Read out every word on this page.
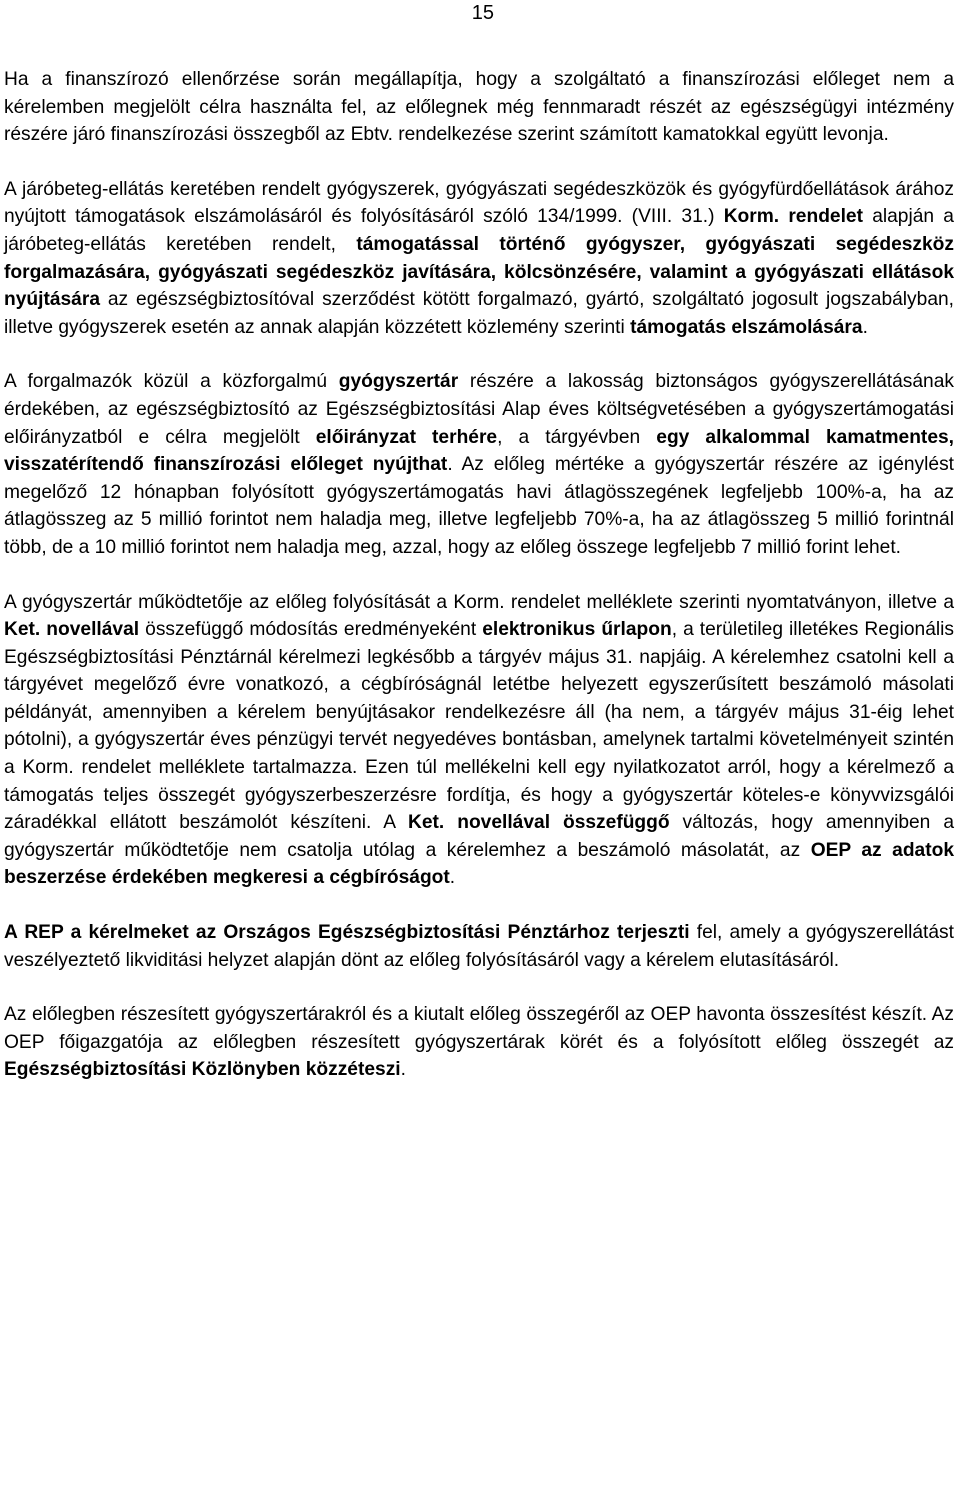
15

Ha a finanszírozó ellenőrzése során megállapítja, hogy a szolgáltató a finanszírozási előleget nem a kérelemben megjelölt célra használta fel, az előlegnek még fennmaradt részét az egészségügyi intézmény részére járó finanszírozási összegből az Ebtv. rendelkezése szerint számított kamatokkal együtt levonja.

A járóbeteg-ellátás keretében rendelt gyógyszerek, gyógyászati segédeszközök és gyógyfürdőellátások árához nyújtott támogatások elszámolásáról és folyósításáról szóló 134/1999. (VIII. 31.) Korm. rendelet alapján a járóbeteg-ellátás keretében rendelt, támogatással történő gyógyszer, gyógyászati segédeszköz forgalmazására, gyógyászati segédeszköz javítására, kölcsönzésére, valamint a gyógyászati ellátások nyújtására az egészségbiztosítóval szerződést kötött forgalmazó, gyártó, szolgáltató jogosult jogszabályban, illetve gyógyszerek esetén az annak alapján közzétett közlemény szerinti támogatás elszámolására.

A forgalmazók közül a közforgalmú gyógyszertár részére a lakosság biztonságos gyógyszerellátásának érdekében, az egészségbiztosító az Egészségbiztosítási Alap éves költségvetésében a gyógyszertámogatási előirányzatból e célra megjelölt előirányzat terhére, a tárgyévben egy alkalommal kamatmentes, visszatérítendő finanszírozási előleget nyújthat. Az előleg mértéke a gyógyszertár részére az igénylést megelőző 12 hónapban folyósított gyógyszertámogatás havi átlagösszegének legfeljebb 100%-a, ha az átlagösszeg az 5 millió forintot nem haladja meg, illetve legfeljebb 70%-a, ha az átlagösszeg 5 millió forintnál több, de a 10 millió forintot nem haladja meg, azzal, hogy az előleg összege legfeljebb 7 millió forint lehet.

A gyógyszertár működtetője az előleg folyósítását a Korm. rendelet melléklete szerinti nyomtatványon, illetve a Ket. novellával összefüggő módosítás eredményeként elektronikus űrlapon, a területileg illetékes Regionális Egészségbiztosítási Pénztárnál kérelmezi legkésőbb a tárgyév május 31. napjáig. A kérelemhez csatolni kell a tárgyévet megelőző évre vonatkozó, a cégbíróságnál letétbe helyezett egyszerűsített beszámoló másolati példányát, amennyiben a kérelem benyújtásakor rendelkezésre áll (ha nem, a tárgyév május 31-éig lehet pótolni), a gyógyszertár éves pénzügyi tervét negyedéves bontásban, amelynek tartalmi követelményeit szintén a Korm. rendelet melléklete tartalmazza. Ezen túl mellékelni kell egy nyilatkozatot arról, hogy a kérelmező a támogatás teljes összegét gyógyszerbeszerzésre fordítja, és hogy a gyógyszertár köteles-e könyvvizsgálói záradékkal ellátott beszámolót készíteni. A Ket. novellával összefüggő változás, hogy amennyiben a gyógyszertár működtetője nem csatolja utólag a kérelemhez a beszámoló másolatát, az OEP az adatok beszerzése érdekében megkeresi a cégbíróságot.

A REP a kérelmeket az Országos Egészségbiztosítási Pénztárhoz terjeszti fel, amely a gyógyszerellátást veszélyeztető likviditási helyzet alapján dönt az előleg folyósításáról vagy a kérelem elutasításáról.

Az előlegben részesített gyógyszertárakról és a kiutalt előleg összegéről az OEP havonta összesítést készít. Az OEP főigazgatója az előlegben részesített gyógyszertárak körét és a folyósított előleg összegét az Egészségbiztosítási Közlönyben közzéteszi.
